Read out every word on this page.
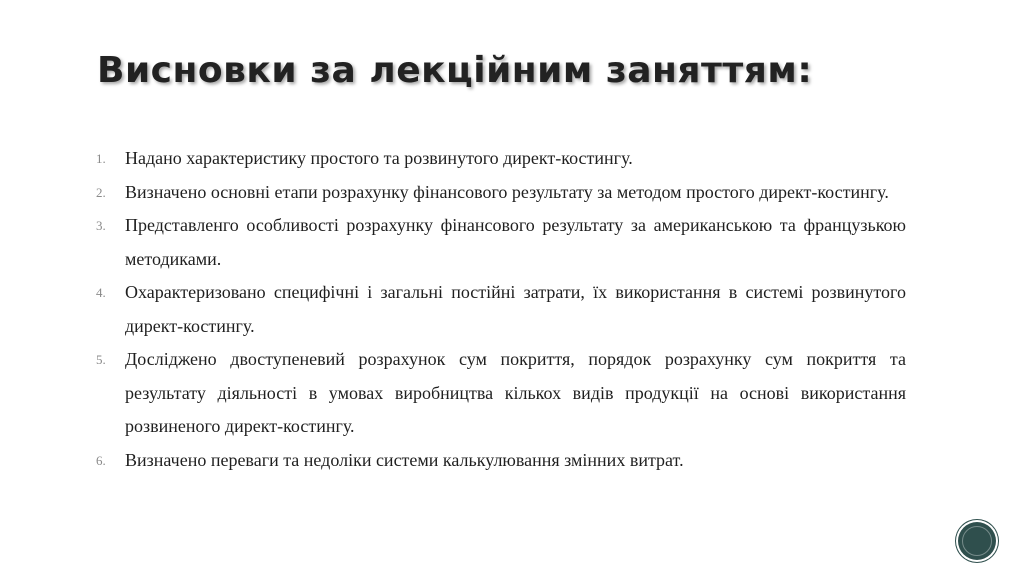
Висновки за лекційним заняттям:
1.	Надано характеристику простого та розвинутого директ-костингу.
2.	Визначено основні етапи розрахунку фінансового результату за методом простого директ-костингу.
3.	Представленго особливості розрахунку фінансового результату за американською та французькою методиками.
4.	Охарактеризовано специфічні і загальні постійні затрати, їх використання в системі розвинутого директ-костингу.
5.	Досліджено двоступеневий розрахунок сум покриття, порядок розрахунку сум покриття та результату діяльності в умовах виробництва кількох видів продукції на основі використання розвиненого директ-костингу.
6.	Визначено переваги та недоліки системи калькулювання змінних витрат.
